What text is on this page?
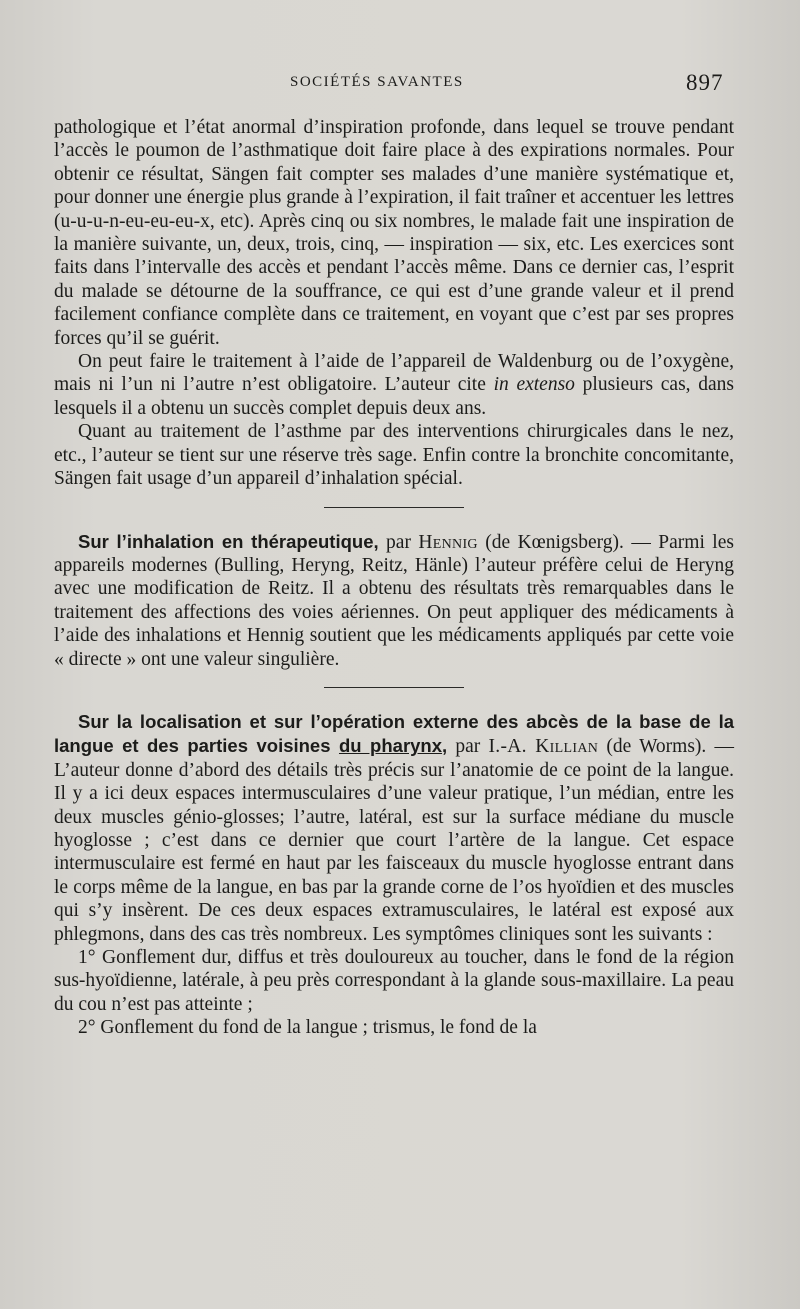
SOCIÉTÉS SAVANTES	897

pathologique et l’état anormal d’inspiration profonde, dans lequel se trouve pendant l’accès le poumon de l’asthmatique doit faire place à des expirations normales. Pour obtenir ce résultat, Sängen fait compter ses malades d’une manière systématique et, pour donner une énergie plus grande à l’expiration, il fait traîner et accentuer les lettres (u-u-u-n-eu-eu-eu-x, etc). Après cinq ou six nombres, le malade fait une inspiration de la manière suivante, un, deux, trois, cinq, — inspiration — six, etc. Les exercices sont faits dans l’intervalle des accès et pendant l’accès même. Dans ce dernier cas, l’esprit du malade se détourne de la souffrance, ce qui est d’une grande valeur et il prend facilement confiance complète dans ce traitement, en voyant que c’est par ses propres forces qu’il se guérit.

On peut faire le traitement à l’aide de l’appareil de Waldenburg ou de l’oxygène, mais ni l’un ni l’autre n’est obligatoire. L’auteur cite in extenso plusieurs cas, dans lesquels il a obtenu un succès complet depuis deux ans.

Quant au traitement de l’asthme par des interventions chirurgicales dans le nez, etc., l’auteur se tient sur une réserve très sage. Enfin contre la bronchite concomitante, Sängen fait usage d’un appareil d’inhalation spécial.

Sur l’inhalation en thérapeutique, par Hennig (de Kœnigsberg). — Parmi les appareils modernes (Bulling, Heryng, Reitz, Hänle) l’auteur préfère celui de Heryng avec une modification de Reitz. Il a obtenu des résultats très remarquables dans le traitement des affections des voies aériennes. On peut appliquer des médicaments à l’aide des inhalations et Hennig soutient que les médicaments appliqués par cette voie « directe » ont une valeur singulière.

Sur la localisation et sur l’opération externe des abcès de la base de la langue et des parties voisines du pharynx, par I.-A. Killian (de Worms). — L’auteur donne d’abord des détails très précis sur l’anatomie de ce point de la langue. Il y a ici deux espaces intermusculaires d’une valeur pratique, l’un médian, entre les deux muscles génio-glosses; l’autre, latéral, est sur la surface médiane du muscle hyoglosse ; c’est dans ce dernier que court l’artère de la langue. Cet espace intermusculaire est fermé en haut par les faisceaux du muscle hyoglosse entrant dans le corps même de la langue, en bas par la grande corne de l’os hyoïdien et des muscles qui s’y insèrent. De ces deux espaces extramusculaires, le latéral est exposé aux phlegmons, dans des cas très nombreux. Les symptômes cliniques sont les suivants :

1° Gonflement dur, diffus et très douloureux au toucher, dans le fond de la région sus-hyoïdienne, latérale, à peu près correspondant à la glande sous-maxillaire. La peau du cou n’est pas atteinte ;

2° Gonflement du fond de la langue ; trismus, le fond de la
